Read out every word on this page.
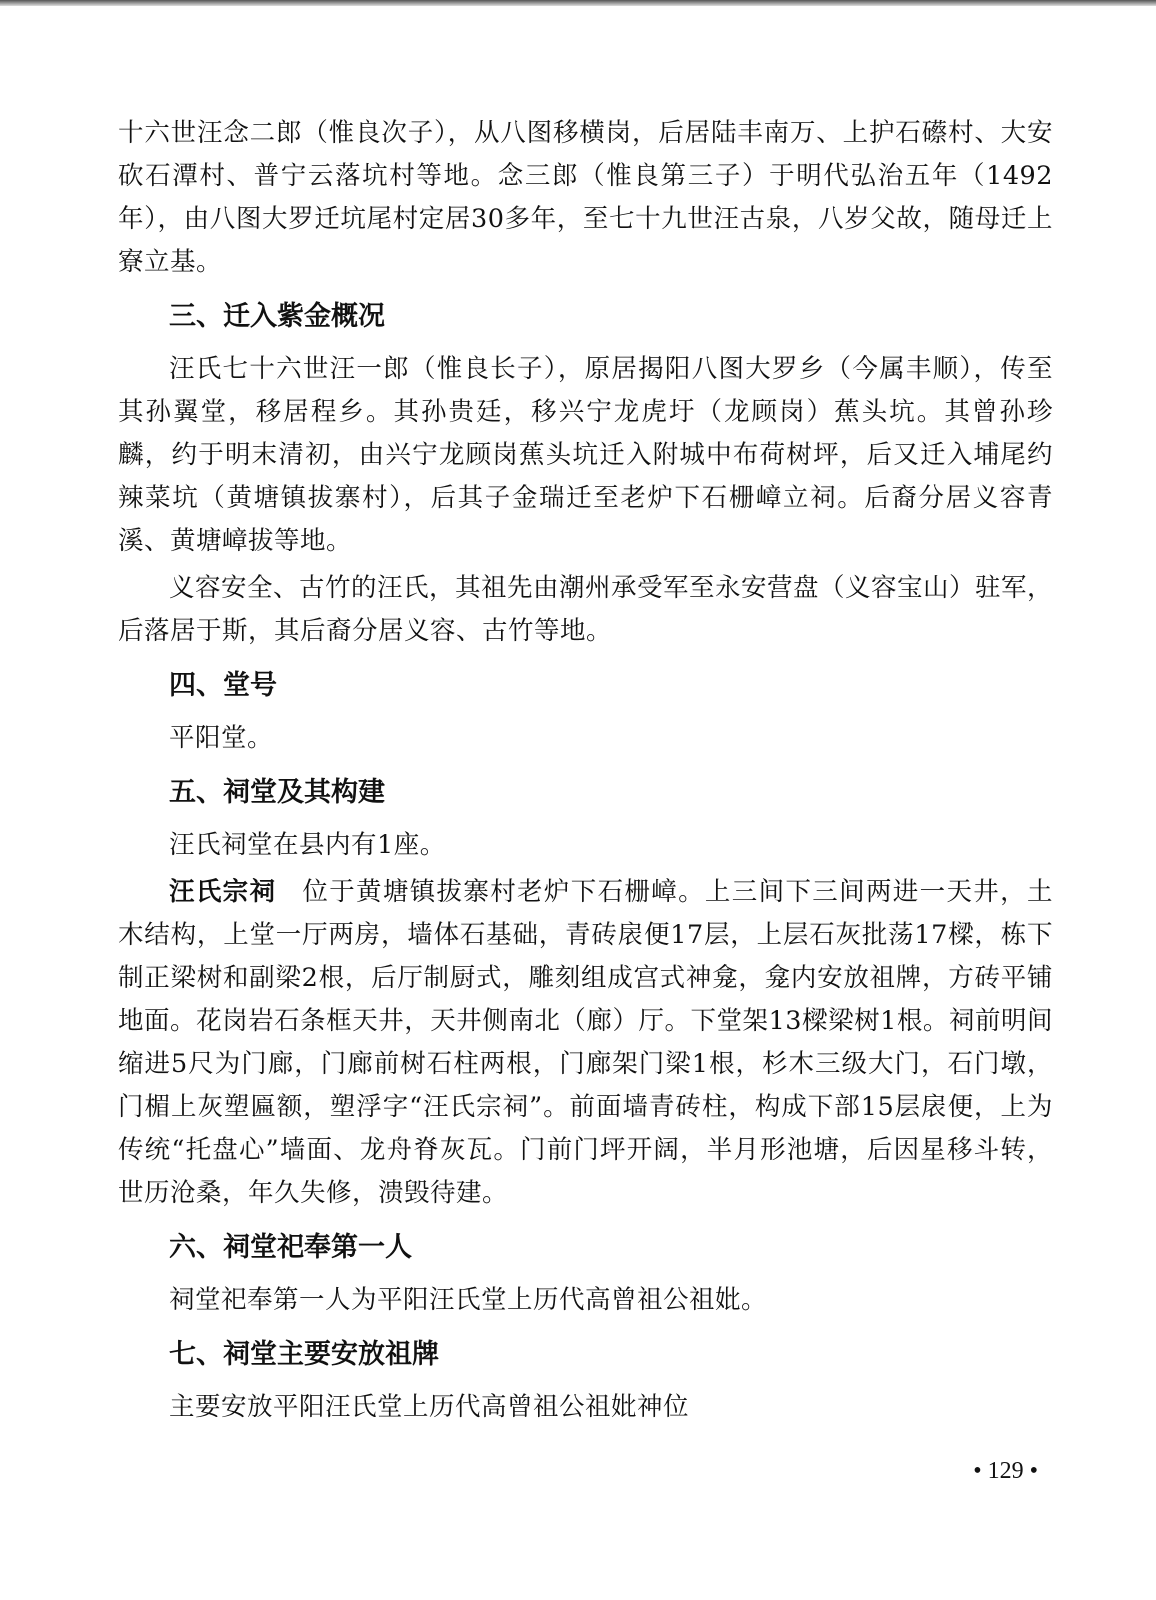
十六世汪念二郎（惟良次子），从八图移横岗，后居陆丰南万、上护石礤村、大安砍石潭村、普宁云落坑村等地。念三郎（惟良第三子）于明代弘治五年（1492年），由八图大罗迁坑尾村定居30多年，至七十九世汪古泉，八岁父故，随母迁上寮立基。

三、迁入紫金概况

汪氏七十六世汪一郎（惟良长子），原居揭阳八图大罗乡（今属丰顺），传至其孙翼堂，移居程乡。其孙贵廷，移兴宁龙虎圩（龙顾岗）蕉头坑。其曾孙珍麟，约于明末清初，由兴宁龙顾岗蕉头坑迁入附城中布荷树坪，后又迁入埔尾约辣菜坑（黄塘镇拔寨村），后其子金瑞迁至老炉下石栅嶂立祠。后裔分居义容青溪、黄塘嶂拔等地。

义容安全、古竹的汪氏，其祖先由潮州承受军至永安营盘（义容宝山）驻军，后落居于斯，其后裔分居义容、古竹等地。

四、堂号

平阳堂。

五、祠堂及其构建

汪氏祠堂在县内有1座。

汪氏宗祠 位于黄塘镇拔寨村老炉下石栅嶂。上三间下三间两进一天井，土木结构，上堂一厅两房，墙体石基础，青砖扆便17层，上层石灰批荡17樑，栋下制正梁树和副梁2根，后厅制厨式，雕刻组成宫式神龛，龛内安放祖牌，方砖平铺地面。花岗岩石条框天井，天井侧南北（廊）厅。下堂架13樑梁树1根。祠前明间缩进5尺为门廊，门廊前树石柱两根，门廊架门梁1根，杉木三级大门，石门墩，门楣上灰塑匾额，塑浮字“汪氏宗祠”。前面墙青砖柱，构成下部15层扆便，上为传统“托盘心”墙面、龙舟脊灰瓦。门前门坪开阔，半月形池塘，后因星移斗转，世历沧桑，年久失修，溃毁待建。

六、祠堂祀奉第一人

祠堂祀奉第一人为平阳汪氏堂上历代高曾祖公祖妣。

七、祠堂主要安放祖牌

主要安放平阳汪氏堂上历代高曾祖公祖妣神位

• 129 •
